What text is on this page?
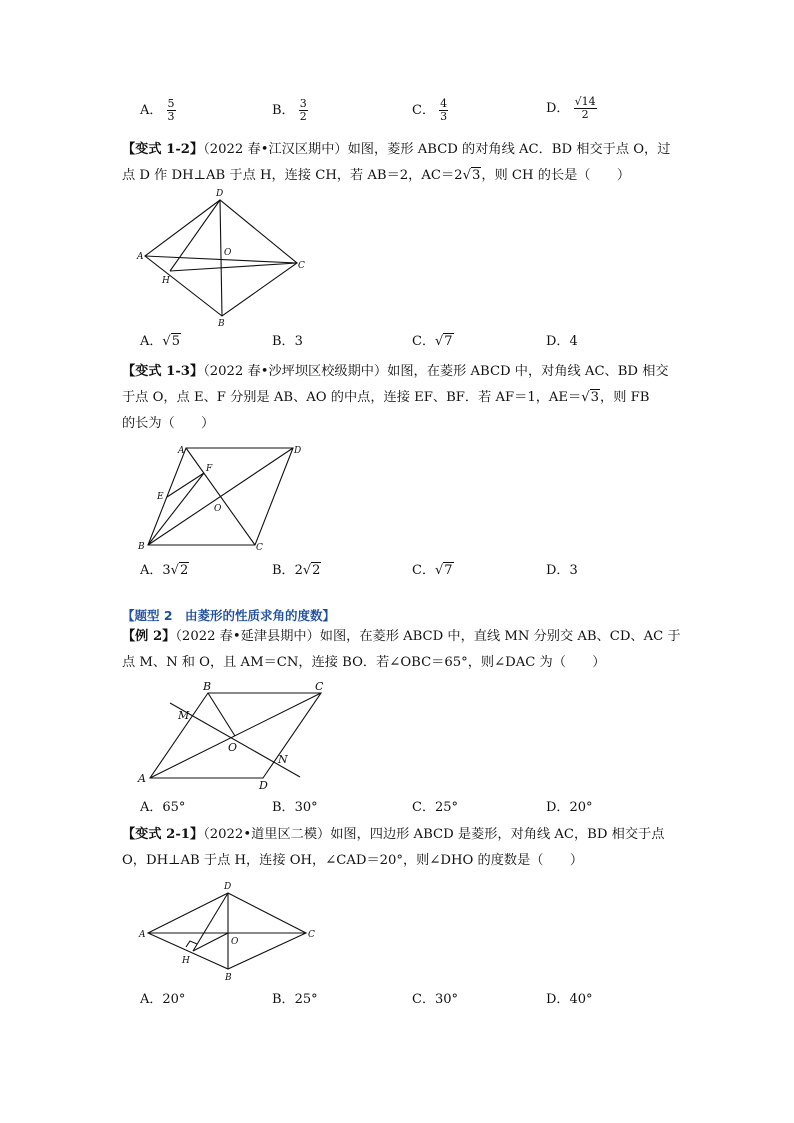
A． $\frac{5}{3}$	B． $\frac{3}{2}$	C． $\frac{4}{3}$	D． $\frac{√14}{2}$
【变式 1-2】（2022 春•江汉区期中）如图，菱形 ABCD 的对角线 AC．BD 相交于点 O，过
点 D 作 DH⊥AB 于点 H，连接 CH，若 AB＝2，AC＝2√3，则 CH 的长是（　　）
D
A
C
B
O
H
A．√5	B．3	C．√7	D．4
【变式 1-3】（2022 春•沙坪坝区校级期中）如图，在菱形 ABCD 中，对角线 AC、BD 相交
于点 O，点 E、F 分别是 AB、AO 的中点，连接 EF、BF．若 AF＝1，AE＝√3，则 FB
的长为（　　）
A	D
B	C
F
E
O
A．3√2	B．2√2	C．√7	D．3
【题型 2　由菱形的性质求角的度数】
【例 2】（2022 春•延津县期中）如图，在菱形 ABCD 中，直线 MN 分别交 AB、CD、AC 于
点 M、N 和 O，且 AM＝CN，连接 BO．若∠OBC＝65°，则∠DAC 为（　　）
B	C
A
D
M
N
O
A．65°	B．30°	C．25°	D．20°
【变式 2-1】（2022•道里区二模）如图，四边形 ABCD 是菱形，对角线 AC，BD 相交于点
O，DH⊥AB 于点 H，连接 OH，∠CAD＝20°，则∠DHO 的度数是（　　）
D
A	C
B
O
H
A．20°	B．25°	C．30°	D．40°
